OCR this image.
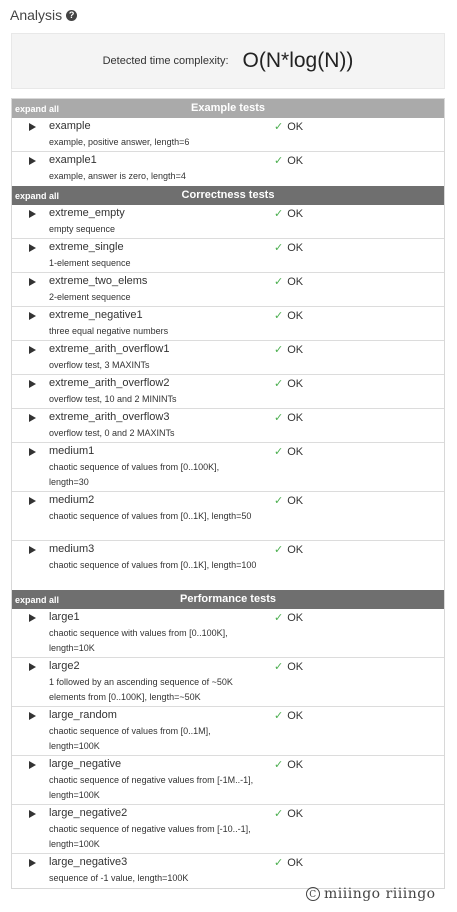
Analysis ?
Detected time complexity: O(N*log(N))
Example tests
expand all
example
example, positive answer, length=6
✓ OK
example1
example, answer is zero, length=4
✓ OK
Correctness tests
expand all
extreme_empty
empty sequence
✓ OK
extreme_single
1-element sequence
✓ OK
extreme_two_elems
2-element sequence
✓ OK
extreme_negative1
three equal negative numbers
✓ OK
extreme_arith_overflow1
overflow test, 3 MAXINTs
✓ OK
extreme_arith_overflow2
overflow test, 10 and 2 MININTs
✓ OK
extreme_arith_overflow3
overflow test, 0 and 2 MAXINTs
✓ OK
medium1
chaotic sequence of values from [0..100K], length=30
✓ OK
medium2
chaotic sequence of values from [0..1K], length=50
✓ OK
medium3
chaotic sequence of values from [0..1K], length=100
✓ OK
Performance tests
expand all
large1
chaotic sequence with values from [0..100K], length=10K
✓ OK
large2
1 followed by an ascending sequence of ~50K elements from [0..100K], length=~50K
✓ OK
large_random
chaotic sequence of values from [0..1M], length=100K
✓ OK
large_negative
chaotic sequence of negative values from [-1M..-1], length=100K
✓ OK
large_negative2
chaotic sequence of negative values from [-10..-1], length=100K
✓ OK
large_negative3
sequence of -1 value, length=100K
✓ OK
C miiingo riiingo
